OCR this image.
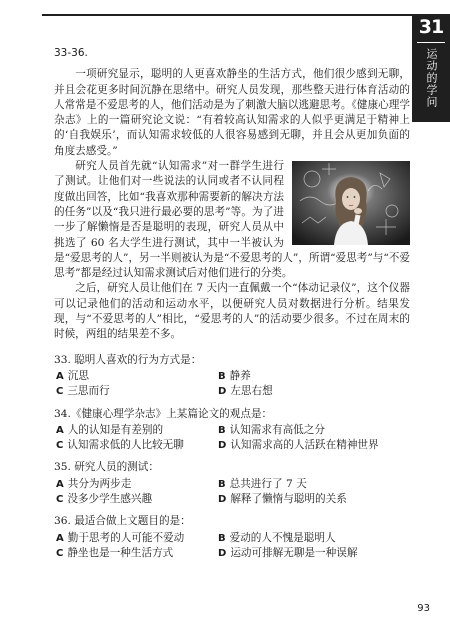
31
运动的学问
33-36.

一项研究显示，聪明的人更喜欢静坐的生活方式，他们很少感到无聊，并且会花更多时间沉静在思绪中。研究人员发现，那些整天进行体育活动的人常常是不爱思考的人，他们活动是为了刺激大脑以逃避思考。《健康心理学杂志》上的一篇研究论文说：“有着较高认知需求的人似乎更满足于精神上的‘自我娱乐’，而认知需求较低的人很容易感到无聊，并且会从更加负面的角度去感受。”

研究人员首先就“认知需求”对一群学生进行了测试。让他们对一些说法的认同或者不认同程度做出回答，比如“我喜欢那种需要新的解决方法的任务”以及“我只进行最必要的思考”等。为了进一步了解懒惰是否是聪明的表现，研究人员从中挑选了 60 名大学生进行测试，其中一半被认为是“爱思考的人”，另一半则被认为是“不爱思考的人”，所谓“爱思考”与“不爱思考”都是经过认知需求测试后对他们进行的分类。

之后，研究人员让他们在 7 天内一直佩戴一个“体动记录仪”，这个仪器可以记录他们的活动和运动水平，以便研究人员对数据进行分析。结果发现，与“不爱思考的人”相比，“爱思考的人”的活动要少很多。不过在周末的时候，两组的结果差不多。

33. 聪明人喜欢的行为方式是：
A 沉思	B 静养
C 三思而行	D 左思右想
34.《健康心理学杂志》上某篇论文的观点是：
A 人的认知是有差别的	B 认知需求有高低之分
C 认知需求低的人比较无聊	D 认知需求高的人活跃在精神世界
35. 研究人员的测试：
A 共分为两步走	B 总共进行了 7 天
C 没多少学生感兴趣	D 解释了懒惰与聪明的关系
36. 最适合做上文题目的是：
A 勤于思考的人可能不爱动	B 爱动的人不愧是聪明人
C 静坐也是一种生活方式	D 运动可排解无聊是一种误解
93
